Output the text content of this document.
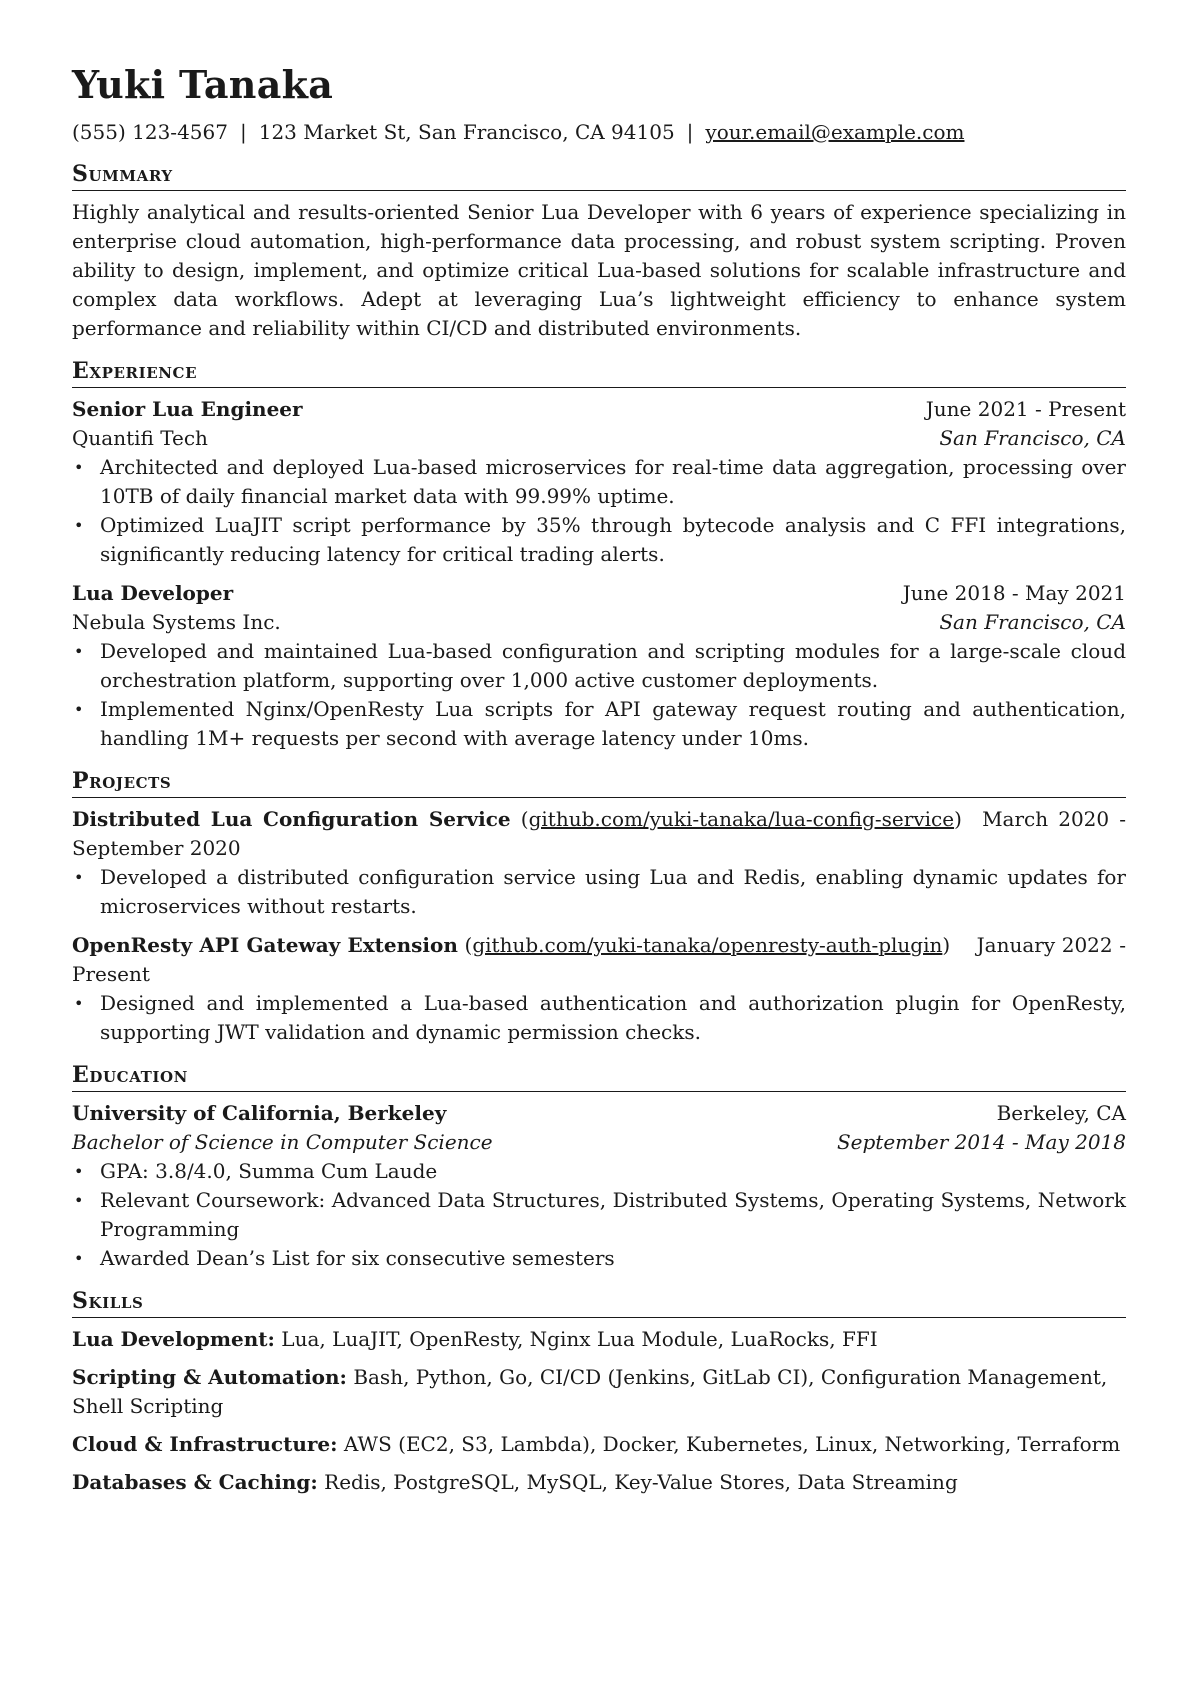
Yuki Tanaka
(555) 123-4567 | 123 Market St, San Francisco, CA 94105 | your.email@example.com
Summary

Highly analytical and results-oriented Senior Lua Developer with 6 years of experience specializing in enterprise cloud automation, high-performance data processing, and robust system scripting. Proven ability to design, implement, and optimize critical Lua-based solutions for scalable infrastructure and complex data workflows. Adept at leveraging Lua’s lightweight efficiency to enhance system performance and reliability within CI/CD and distributed environments.

Experience
Senior Lua Engineer	June 2021 - Present
Quantifi Tech	San Francisco, CA
• Architected and deployed Lua-based microservices for real-time data aggregation, processing over 10TB of daily financial market data with 99.99% uptime.
• Optimized LuaJIT script performance by 35% through bytecode analysis and C FFI integrations, significantly reducing latency for critical trading alerts.
Lua Developer	June 2018 - May 2021
Nebula Systems Inc.	San Francisco, CA
• Developed and maintained Lua-based configuration and scripting modules for a large-scale cloud orchestration platform, supporting over 1,000 active customer deployments.
• Implemented Nginx/OpenResty Lua scripts for API gateway request routing and authentication, handling 1M+ requests per second with average latency under 10ms.
Projects
Distributed Lua Configuration Service (github.com/yuki-tanaka/lua-config-service)  March 2020 - September 2020
• Developed a distributed configuration service using Lua and Redis, enabling dynamic updates for microservices without restarts.
OpenResty API Gateway Extension (github.com/yuki-tanaka/openresty-auth-plugin)    January 2022 - Present
• Designed and implemented a Lua-based authentication and authorization plugin for OpenResty, supporting JWT validation and dynamic permission checks.
Education
University of California, Berkeley	Berkeley, CA
Bachelor of Science in Computer Science	September 2014 - May 2018
• GPA: 3.8/4.0, Summa Cum Laude
• Relevant Coursework: Advanced Data Structures, Distributed Systems, Operating Systems, Network Programming
• Awarded Dean’s List for six consecutive semesters
Skills
Lua Development: Lua, LuaJIT, OpenResty, Nginx Lua Module, LuaRocks, FFI
Scripting & Automation: Bash, Python, Go, CI/CD (Jenkins, GitLab CI), Configuration Management, Shell Scripting
Cloud & Infrastructure: AWS (EC2, S3, Lambda), Docker, Kubernetes, Linux, Networking, Terraform
Databases & Caching: Redis, PostgreSQL, MySQL, Key-Value Stores, Data Streaming
